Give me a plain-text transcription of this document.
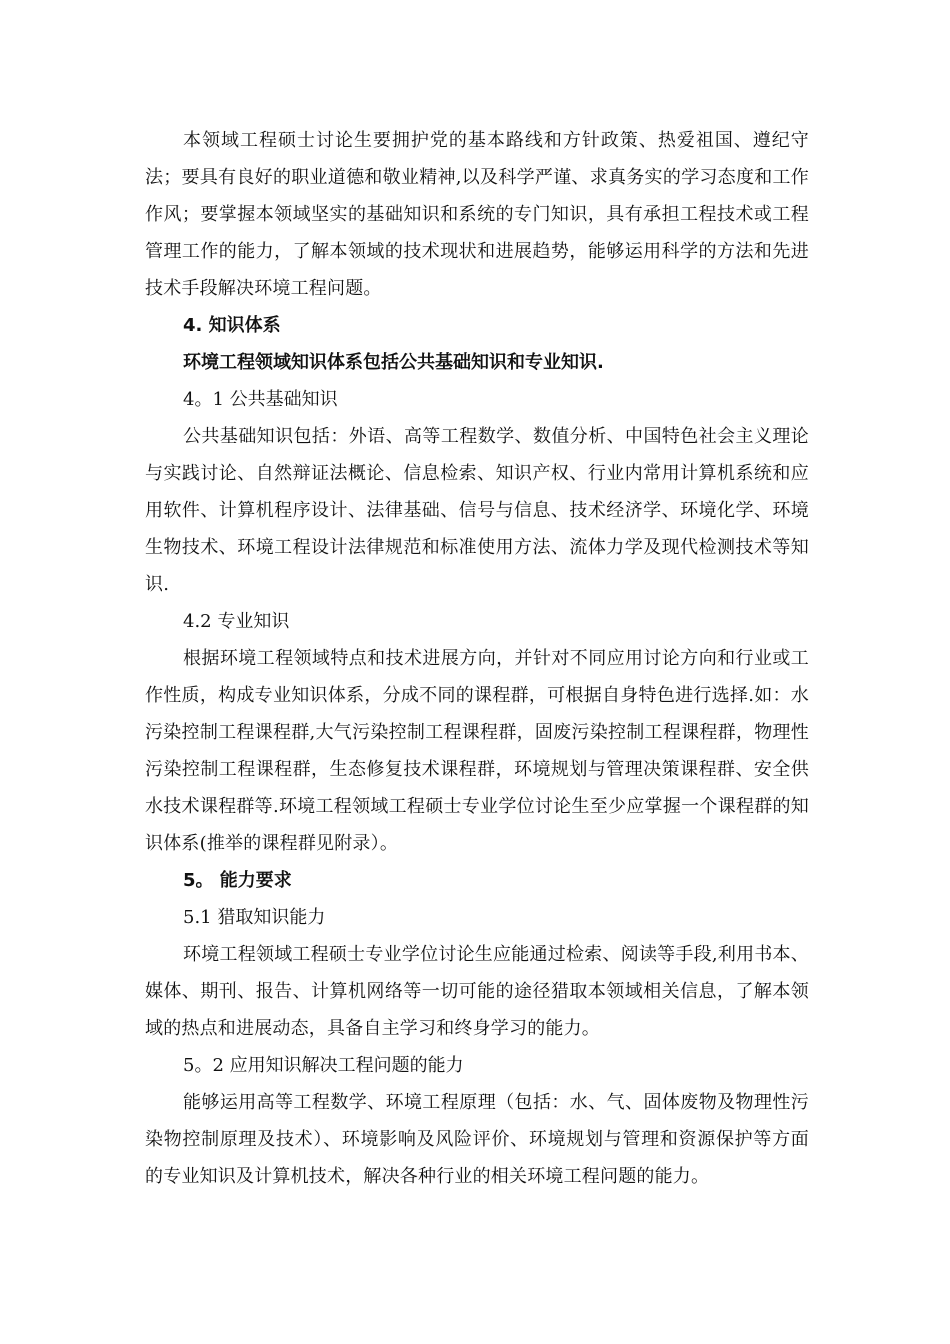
本领域工程硕士讨论生要拥护党的基本路线和方针政策、热爱祖国、遵纪守法；要具有良好的职业道德和敬业精神,以及科学严谨、求真务实的学习态度和工作作风；要掌握本领域坚实的基础知识和系统的专门知识，具有承担工程技术或工程管理工作的能力，了解本领域的技术现状和进展趋势，能够运用科学的方法和先进技术手段解决环境工程问题。

4. 知识体系

环境工程领域知识体系包括公共基础知识和专业知识.

4。1 公共基础知识

公共基础知识包括：外语、高等工程数学、数值分析、中国特色社会主义理论与实践讨论、自然辩证法概论、信息检索、知识产权、行业内常用计算机系统和应用软件、计算机程序设计、法律基础、信号与信息、技术经济学、环境化学、环境生物技术、环境工程设计法律规范和标准使用方法、流体力学及现代检测技术等知识.

4.2 专业知识

根据环境工程领域特点和技术进展方向，并针对不同应用讨论方向和行业或工作性质，构成专业知识体系，分成不同的课程群，可根据自身特色进行选择.如：水污染控制工程课程群,大气污染控制工程课程群，固废污染控制工程课程群，物理性污染控制工程课程群，生态修复技术课程群，环境规划与管理决策课程群、安全供水技术课程群等.环境工程领域工程硕士专业学位讨论生至少应掌握一个课程群的知识体系(推举的课程群见附录）。

5。 能力要求

5.1 猎取知识能力

环境工程领域工程硕士专业学位讨论生应能通过检索、阅读等手段,利用书本、媒体、期刊、报告、计算机网络等一切可能的途径猎取本领域相关信息，了解本领域的热点和进展动态，具备自主学习和终身学习的能力。

5。2 应用知识解决工程问题的能力

能够运用高等工程数学、环境工程原理（包括：水、气、固体废物及物理性污染物控制原理及技术）、环境影响及风险评价、环境规划与管理和资源保护等方面的专业知识及计算机技术，解决各种行业的相关环境工程问题的能力。
